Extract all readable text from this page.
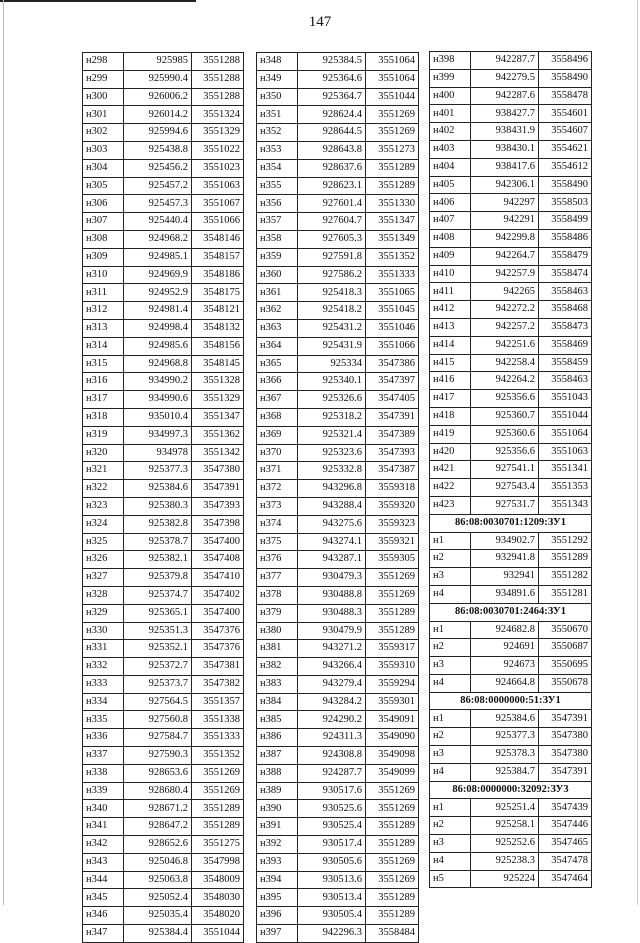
147
н298	925985	3551288
н299	925990.4	3551288
н300	926006.2	3551288
н301	926014.2	3551324
н302	925994.6	3551329
н303	925438.8	3551022
н304	925456.2	3551023
н305	925457.2	3551063
н306	925457.3	3551067
н307	925440.4	3551066
н308	924968.2	3548146
н309	924985.1	3548157
н310	924969.9	3548186
н311	924952.9	3548175
н312	924981.4	3548121
н313	924998.4	3548132
н314	924985.6	3548156
н315	924968.8	3548145
н316	934990.2	3551328
н317	934990.6	3551329
н318	935010.4	3551347
н319	934997.3	3551362
н320	934978	3551342
н321	925377.3	3547380
н322	925384.6	3547391
н323	925380.3	3547393
н324	925382.8	3547398
н325	925378.7	3547400
н326	925382.1	3547408
н327	925379.8	3547410
н328	925374.7	3547402
н329	925365.1	3547400
н330	925351.3	3547376
н331	925352.1	3547376
н332	925372.7	3547381
н333	925373.7	3547382
н334	927564.5	3551357
н335	927560.8	3551338
н336	927584.7	3551333
н337	927590.3	3551352
н338	928653.6	3551269
н339	928680.4	3551269
н340	928671.2	3551289
н341	928647.2	3551289
н342	928652.6	3551275
н343	925046.8	3547998
н344	925063.8	3548009
н345	925052.4	3548030
н346	925035.4	3548020
н347	925384.4	3551044
н348	925384.5	3551064
н349	925364.6	3551064
н350	925364.7	3551044
н351	928624.4	3551269
н352	928644.5	3551269
н353	928643.8	3551273
н354	928637.6	3551289
н355	928623.1	3551289
н356	927601.4	3551330
н357	927604.7	3551347
н358	927605.3	3551349
н359	927591.8	3551352
н360	927586.2	3551333
н361	925418.3	3551065
н362	925418.2	3551045
н363	925431.2	3551046
н364	925431.9	3551066
н365	925334	3547386
н366	925340.1	3547397
н367	925326.6	3547405
н368	925318.2	3547391
н369	925321.4	3547389
н370	925323.6	3547393
н371	925332.8	3547387
н372	943296.8	3559318
н373	943288.4	3559320
н374	943275.6	3559323
н375	943274.1	3559321
н376	943287.1	3559305
н377	930479.3	3551269
н378	930488.8	3551269
н379	930488.3	3551289
н380	930479.9	3551289
н381	943271.2	3559317
н382	943266.4	3559310
н383	943279.4	3559294
н384	943284.2	3559301
н385	924290.2	3549091
н386	924311.3	3549090
н387	924308.8	3549098
н388	924287.7	3549099
н389	930517.6	3551269
н390	930525.6	3551269
н391	930525.4	3551289
н392	930517.4	3551289
н393	930505.6	3551269
н394	930513.6	3551269
н395	930513.4	3551289
н396	930505.4	3551289
н397	942296.3	3558484
н398	942287.7	3558496
н399	942279.5	3558490
н400	942287.6	3558478
н401	938427.7	3554601
н402	938431.9	3554607
н403	938430.1	3554621
н404	938417.6	3554612
н405	942306.1	3558490
н406	942297	3558503
н407	942291	3558499
н408	942299.8	3558486
н409	942264.7	3558479
н410	942257.9	3558474
н411	942265	3558463
н412	942272.2	3558468
н413	942257.2	3558473
н414	942251.6	3558469
н415	942258.4	3558459
н416	942264.2	3558463
н417	925356.6	3551043
н418	925360.7	3551044
н419	925360.6	3551064
н420	925356.6	3551063
н421	927541.1	3551341
н422	927543.4	3551353
н423	927531.7	3551343
86:08:0030701:1209:ЗУ1		
н1	934902.7	3551292
н2	932941.8	3551289
н3	932941	3551282
н4	934891.6	3551281
86:08:0030701:2464:ЗУ1		
н1	924682.8	3550670
н2	924691	3550687
н3	924673	3550695
н4	924664.8	3550678
86:08:0000000:51:ЗУ1		
н1	925384.6	3547391
н2	925377.3	3547380
н3	925378.3	3547380
н4	925384.7	3547391
86:08:0000000:32092:ЗУ3		
н1	925251.4	3547439
н2	925258.1	3547446
н3	925252.6	3547465
н4	925238.3	3547478
н5	925224	3547464
